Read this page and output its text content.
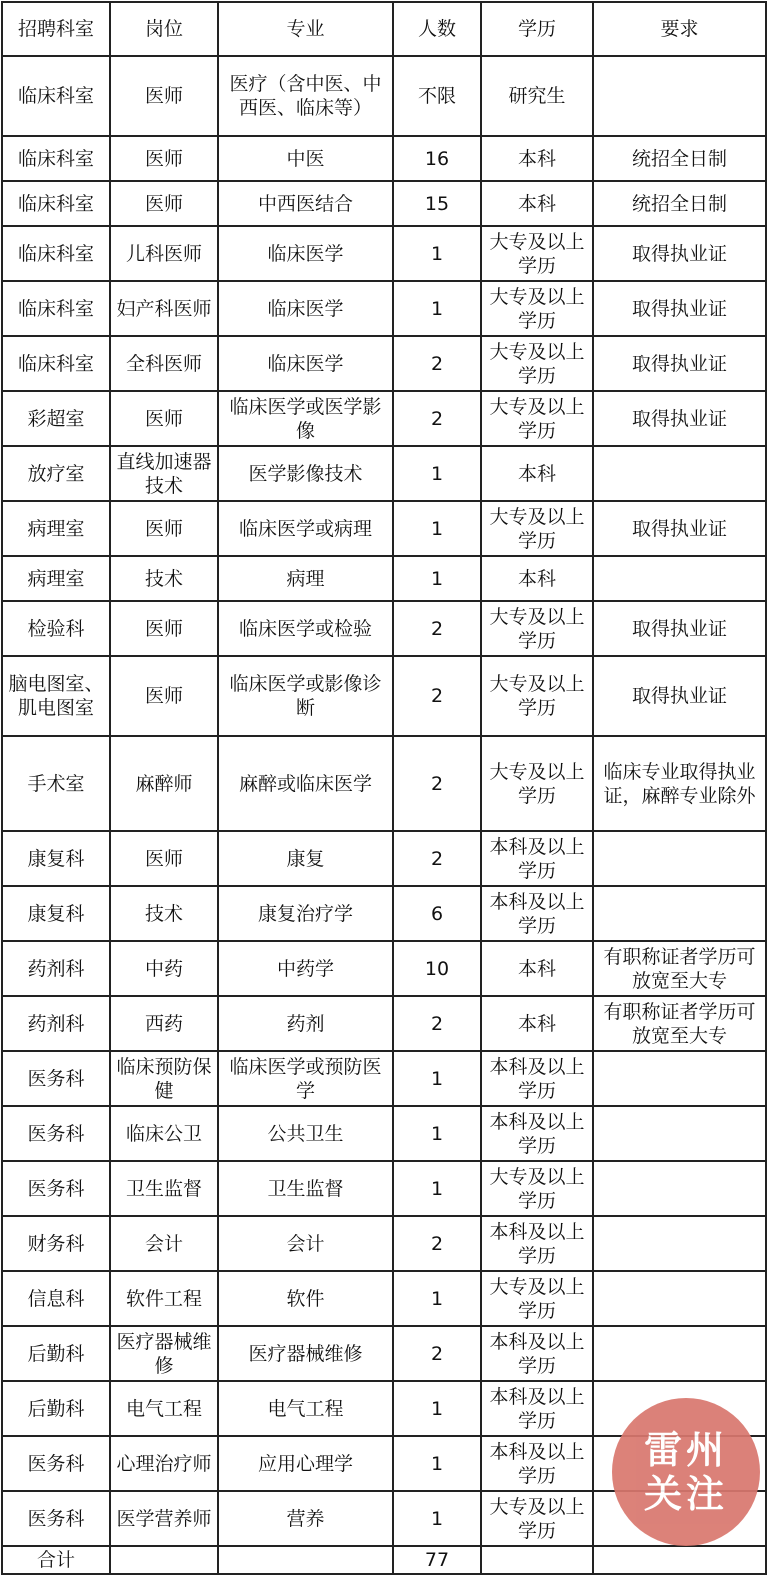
招聘科室	岗位	专业	人数	学历	要求
临床科室	医师	医疗（含中医、中西医、临床等）	不限	研究生	
临床科室	医师	中医	16	本科	统招全日制
临床科室	医师	中西医结合	15	本科	统招全日制
临床科室	儿科医师	临床医学	1	大专及以上学历	取得执业证
临床科室	妇产科医师	临床医学	1	大专及以上学历	取得执业证
临床科室	全科医师	临床医学	2	大专及以上学历	取得执业证
彩超室	医师	临床医学或医学影像	2	大专及以上学历	取得执业证
放疗室	直线加速器技术	医学影像技术	1	本科	
病理室	医师	临床医学或病理	1	大专及以上学历	取得执业证
病理室	技术	病理	1	本科	
检验科	医师	临床医学或检验	2	大专及以上学历	取得执业证
脑电图室、肌电图室	医师	临床医学或影像诊断	2	大专及以上学历	取得执业证
手术室	麻醉师	麻醉或临床医学	2	大专及以上学历	临床专业取得执业证，麻醉专业除外
康复科	医师	康复	2	本科及以上学历	
康复科	技术	康复治疗学	6	本科及以上学历	
药剂科	中药	中药学	10	本科	有职称证者学历可放宽至大专
药剂科	西药	药剂	2	本科	有职称证者学历可放宽至大专
医务科	临床预防保健	临床医学或预防医学	1	本科及以上学历	
医务科	临床公卫	公共卫生	1	本科及以上学历	
医务科	卫生监督	卫生监督	1	大专及以上学历	
财务科	会计	会计	2	本科及以上学历	
信息科	软件工程	软件	1	大专及以上学历	
后勤科	医疗器械维修	医疗器械维修	2	本科及以上学历	
后勤科	电气工程	电气工程	1	本科及以上学历	
医务科	心理治疗师	应用心理学	1	本科及以上学历	
医务科	医学营养师	营养	1	大专及以上学历	
合计			77		
雷州
关注
